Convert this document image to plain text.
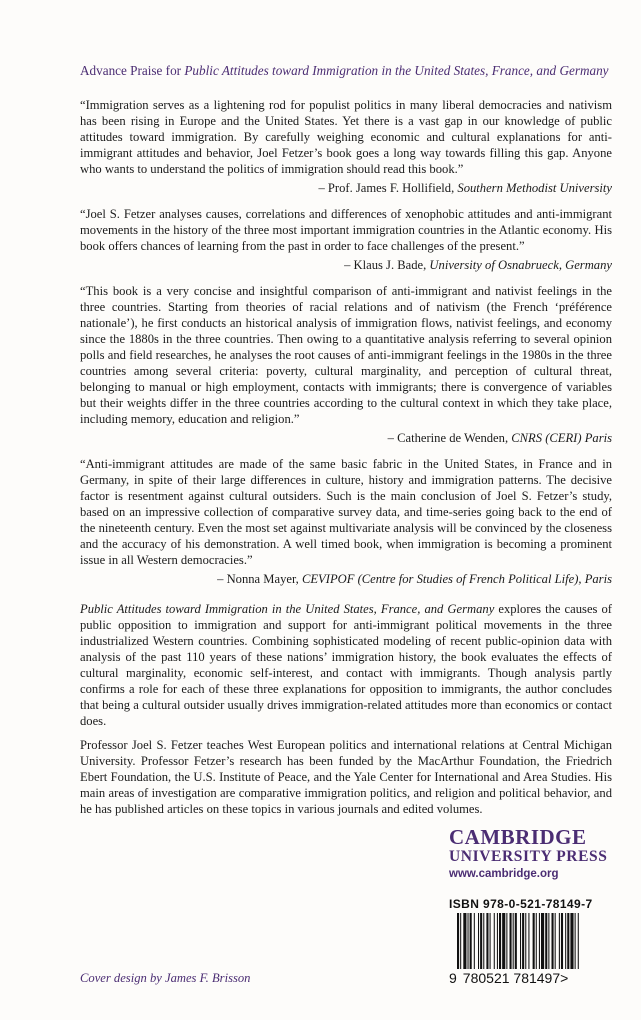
Advance Praise for Public Attitudes toward Immigration in the United States, France, and Germany

“Immigration serves as a lightening rod for populist politics in many liberal democracies and nativism has been rising in Europe and the United States. Yet there is a vast gap in our knowledge of public attitudes toward immigration. By carefully weighing economic and cultural explanations for anti-immigrant attitudes and behavior, Joel Fetzer’s book goes a long way towards filling this gap. Anyone who wants to understand the politics of immigration should read this book.”

– Prof. James F. Hollifield, Southern Methodist University

“Joel S. Fetzer analyses causes, correlations and differences of xenophobic attitudes and anti-immigrant movements in the history of the three most important immigration countries in the Atlantic economy. His book offers chances of learning from the past in order to face challenges of the present.”

– Klaus J. Bade, University of Osnabrueck, Germany

“This book is a very concise and insightful comparison of anti-immigrant and nativist feelings in the three countries. Starting from theories of racial relations and of nativism (the French ‘préférence nationale’), he first conducts an historical analysis of immigration flows, nativist feelings, and economy since the 1880s in the three countries. Then owing to a quantitative analysis referring to several opinion polls and field researches, he analyses the root causes of anti-immigrant feelings in the 1980s in the three countries among several criteria: poverty, cultural marginality, and perception of cultural threat, belonging to manual or high employment, contacts with immigrants; there is convergence of variables but their weights differ in the three countries according to the cultural context in which they take place, including memory, education and religion.”

– Catherine de Wenden, CNRS (CERI) Paris

“Anti-immigrant attitudes are made of the same basic fabric in the United States, in France and in Germany, in spite of their large differences in culture, history and immigration patterns. The decisive factor is resentment against cultural outsiders. Such is the main conclusion of Joel S. Fetzer’s study, based on an impressive collection of comparative survey data, and time-series going back to the end of the nineteenth century. Even the most set against multivariate analysis will be convinced by the closeness and the accuracy of his demonstration. A well timed book, when immigration is becoming a prominent issue in all Western democracies.”

– Nonna Mayer, CEVIPOF (Centre for Studies of French Political Life), Paris

Public Attitudes toward Immigration in the United States, France, and Germany explores the causes of public opposition to immigration and support for anti-immigrant political movements in the three industrialized Western countries. Combining sophisticated modeling of recent public-opinion data with analysis of the past 110 years of these nations’ immigration history, the book evaluates the effects of cultural marginality, economic self-interest, and contact with immigrants. Though analysis partly confirms a role for each of these three explanations for opposition to immigrants, the author concludes that being a cultural outsider usually drives immigration-related attitudes more than economics or contact does.

Professor Joel S. Fetzer teaches West European politics and international relations at Central Michigan University. Professor Fetzer’s research has been funded by the MacArthur Foundation, the Friedrich Ebert Foundation, the U.S. Institute of Peace, and the Yale Center for International and Area Studies. His main areas of investigation are comparative immigration politics, and religion and political behavior, and he has published articles on these topics in various journals and edited volumes.

CAMBRIDGE
UNIVERSITY PRESS
www.cambridge.org
ISBN 978-0-521-78149-7
9 780521 781497>
Cover design by James F. Brisson
